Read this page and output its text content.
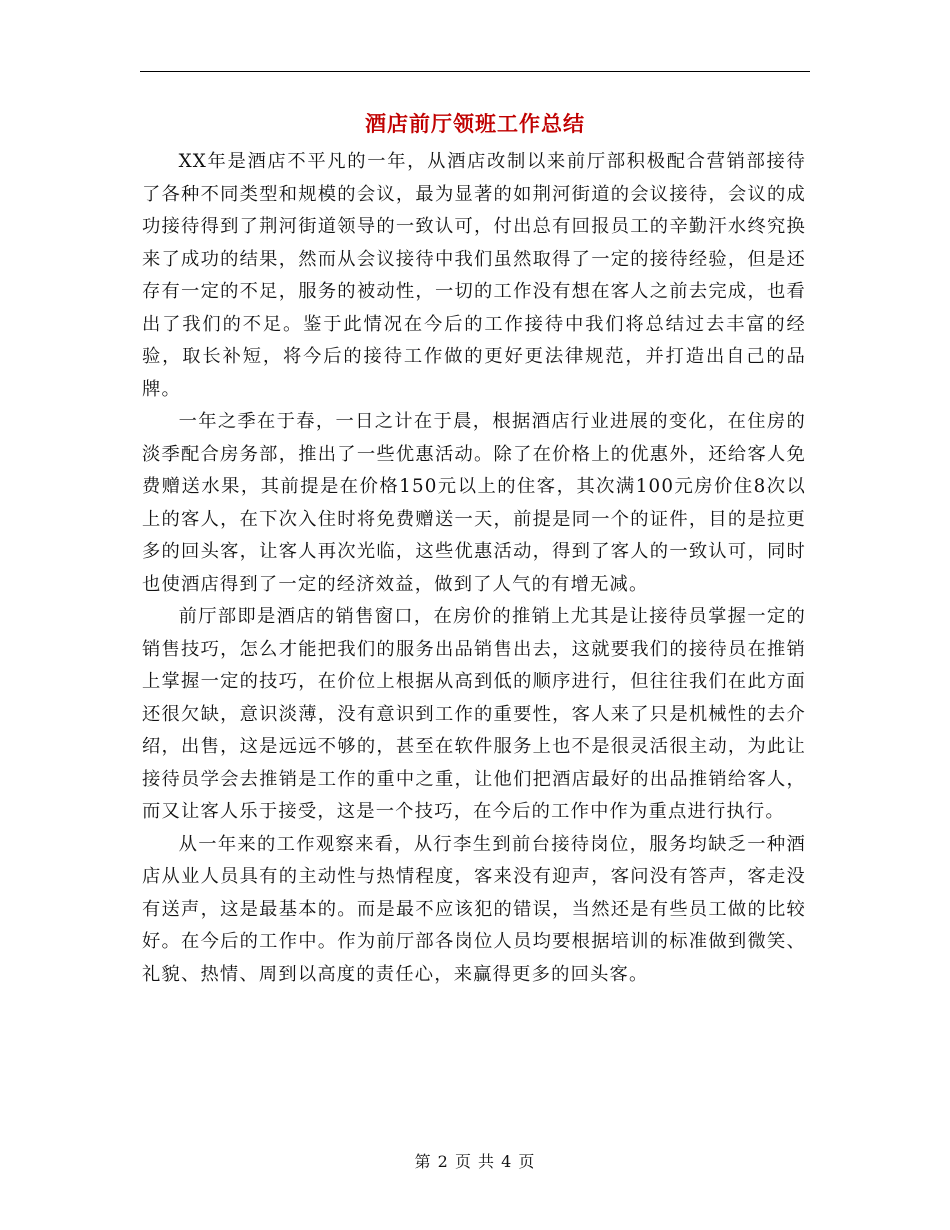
酒店前厅领班工作总结

XX年是酒店不平凡的一年，从酒店改制以来前厅部积极配合营销部接待了各种不同类型和规模的会议，最为显著的如荆河街道的会议接待，会议的成功接待得到了荆河街道领导的一致认可，付出总有回报员工的辛勤汗水终究换来了成功的结果，然而从会议接待中我们虽然取得了一定的接待经验，但是还存有一定的不足，服务的被动性，一切的工作没有想在客人之前去完成，也看出了我们的不足。鉴于此情况在今后的工作接待中我们将总结过去丰富的经验，取长补短，将今后的接待工作做的更好更法律规范，并打造出自己的品牌。

一年之季在于春，一日之计在于晨，根据酒店行业进展的变化，在住房的淡季配合房务部，推出了一些优惠活动。除了在价格上的优惠外，还给客人免费赠送水果，其前提是在价格150元以上的住客，其次满100元房价住8次以上的客人，在下次入住时将免费赠送一天，前提是同一个的证件，目的是拉更多的回头客，让客人再次光临，这些优惠活动，得到了客人的一致认可，同时也使酒店得到了一定的经济效益，做到了人气的有增无减。

前厅部即是酒店的销售窗口，在房价的推销上尤其是让接待员掌握一定的销售技巧，怎么才能把我们的服务出品销售出去，这就要我们的接待员在推销上掌握一定的技巧，在价位上根据从高到低的顺序进行，但往往我们在此方面还很欠缺，意识淡薄，没有意识到工作的重要性，客人来了只是机械性的去介绍，出售，这是远远不够的，甚至在软件服务上也不是很灵活很主动，为此让接待员学会去推销是工作的重中之重，让他们把酒店最好的出品推销给客人，而又让客人乐于接受，这是一个技巧，在今后的工作中作为重点进行执行。

从一年来的工作观察来看，从行李生到前台接待岗位，服务均缺乏一种酒店从业人员具有的主动性与热情程度，客来没有迎声，客问没有答声，客走没有送声，这是最基本的。而是最不应该犯的错误，当然还是有些员工做的比较好。在今后的工作中。作为前厅部各岗位人员均要根据培训的标准做到微笑、礼貌、热情、周到以高度的责任心，来赢得更多的回头客。

第 2 页 共 4 页
